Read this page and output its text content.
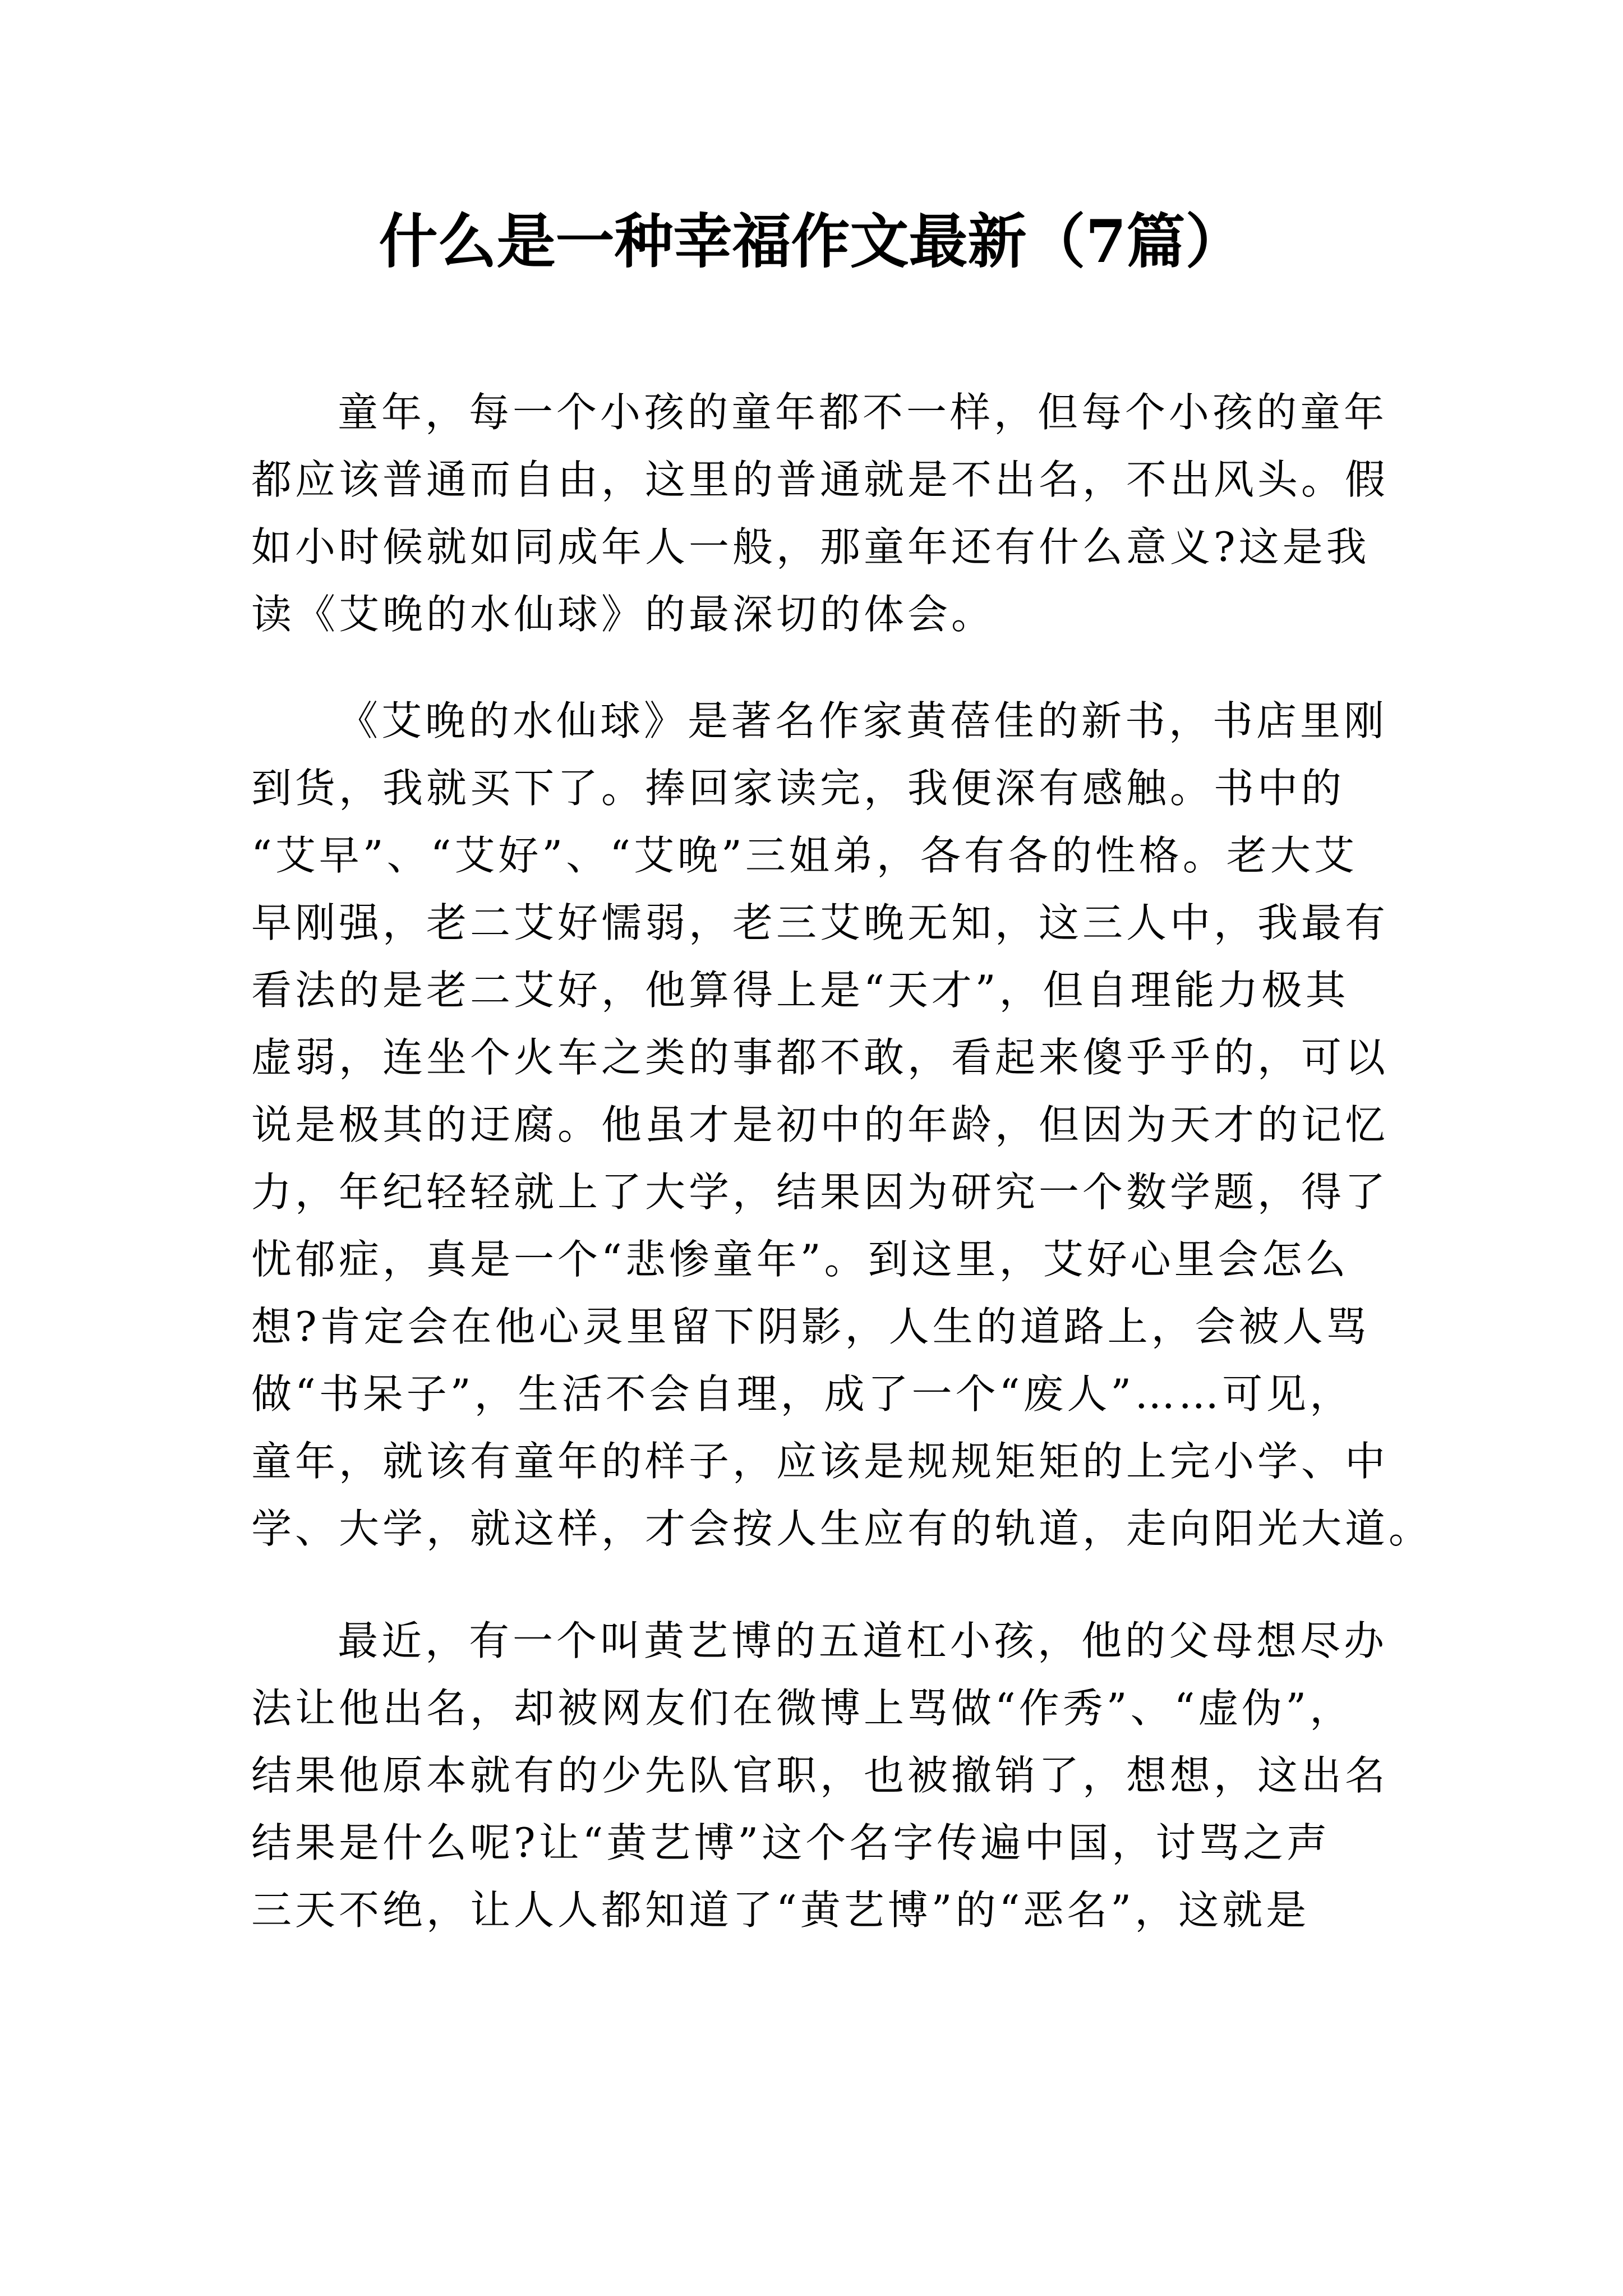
什么是一种幸福作文最新（7篇）

童年，每一个小孩的童年都不一样，但每个小孩的童年

都应该普通而自由，这里的普通就是不出名，不出风头。假

如小时候就如同成年人一般，那童年还有什么意义?这是我

读《艾晚的水仙球》的最深切的体会。

《艾晚的水仙球》是著名作家黄蓓佳的新书，书店里刚

到货，我就买下了。捧回家读完，我便深有感触。书中的

“艾早”、“艾好”、“艾晚”三姐弟，各有各的性格。老大艾

早刚强，老二艾好懦弱，老三艾晚无知，这三人中，我最有

看法的是老二艾好，他算得上是“天才”，但自理能力极其

虚弱，连坐个火车之类的事都不敢，看起来傻乎乎的，可以

说是极其的迂腐。他虽才是初中的年龄，但因为天才的记忆

力，年纪轻轻就上了大学，结果因为研究一个数学题，得了

忧郁症，真是一个“悲惨童年”。到这里，艾好心里会怎么

想?肯定会在他心灵里留下阴影，人生的道路上，会被人骂

做“书呆子”，生活不会自理，成了一个“废人”……可见，

童年，就该有童年的样子，应该是规规矩矩的上完小学、中

学、大学，就这样，才会按人生应有的轨道，走向阳光大道。

最近，有一个叫黄艺博的五道杠小孩，他的父母想尽办

法让他出名，却被网友们在微博上骂做“作秀”、“虚伪”，

结果他原本就有的少先队官职，也被撤销了，想想，这出名

结果是什么呢?让“黄艺博”这个名字传遍中国，讨骂之声

三天不绝，让人人都知道了“黄艺博”的“恶名”，这就是
